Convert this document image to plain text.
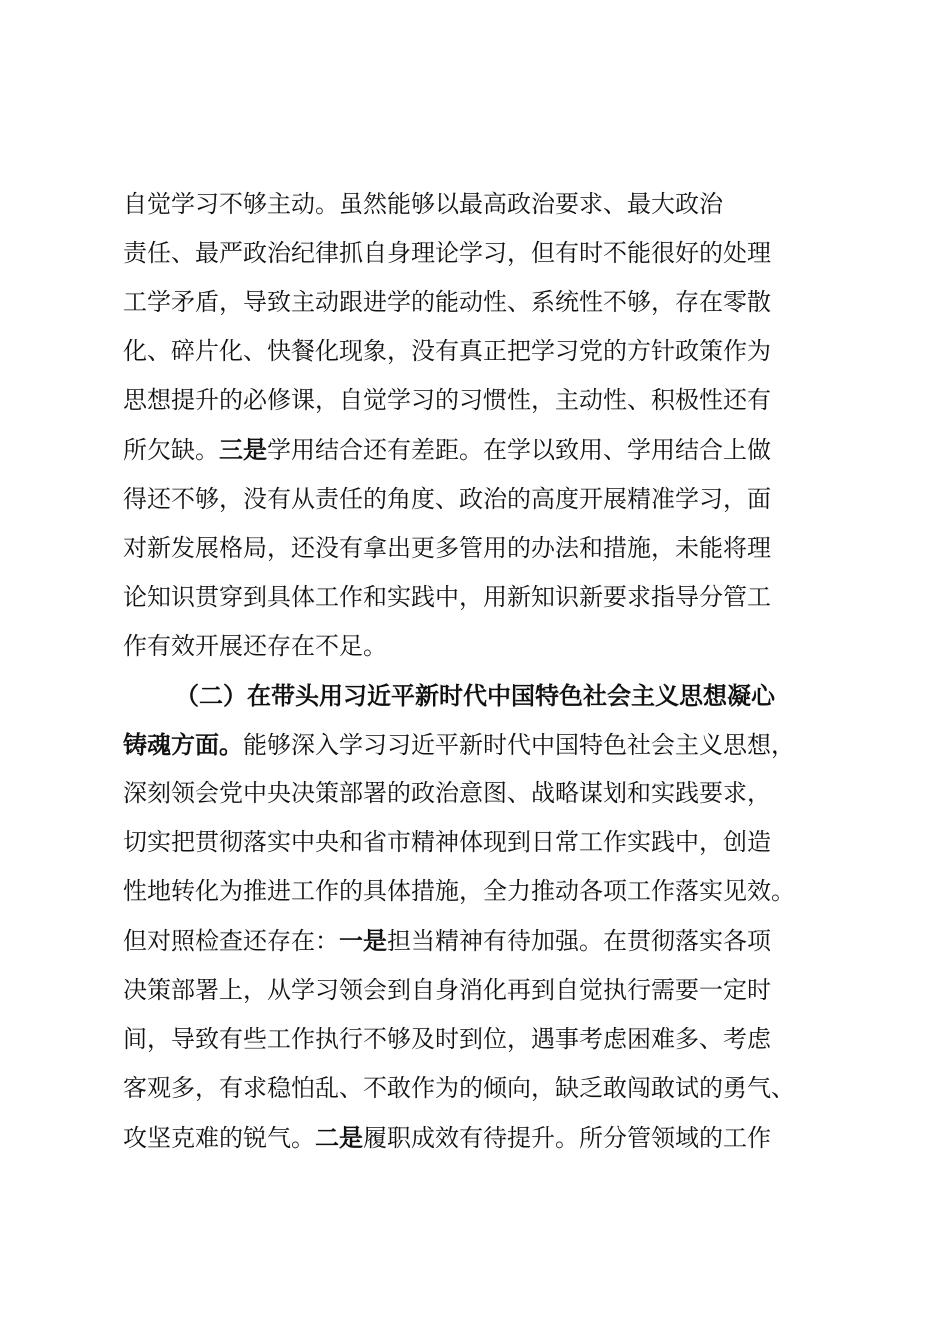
自觉学习不够主动。虽然能够以最高政治要求、最大政治
责任、最严政治纪律抓自身理论学习，但有时不能很好的处理
工学矛盾，导致主动跟进学的能动性、系统性不够，存在零散
化、碎片化、快餐化现象，没有真正把学习党的方针政策作为
思想提升的必修课，自觉学习的习惯性，主动性、积极性还有
所欠缺。三是学用结合还有差距。在学以致用、学用结合上做
得还不够，没有从责任的角度、政治的高度开展精准学习，面
对新发展格局，还没有拿出更多管用的办法和措施，未能将理
论知识贯穿到具体工作和实践中，用新知识新要求指导分管工
作有效开展还存在不足。
（二）在带头用习近平新时代中国特色社会主义思想凝心
铸魂方面。能够深入学习习近平新时代中国特色社会主义思想，
深刻领会党中央决策部署的政治意图、战略谋划和实践要求，
切实把贯彻落实中央和省市精神体现到日常工作实践中，创造
性地转化为推进工作的具体措施，全力推动各项工作落实见效。
但对照检查还存在：一是担当精神有待加强。在贯彻落实各项
决策部署上，从学习领会到自身消化再到自觉执行需要一定时
间，导致有些工作执行不够及时到位，遇事考虑困难多、考虑
客观多，有求稳怕乱、不敢作为的倾向，缺乏敢闯敢试的勇气、
攻坚克难的锐气。二是履职成效有待提升。所分管领域的工作
